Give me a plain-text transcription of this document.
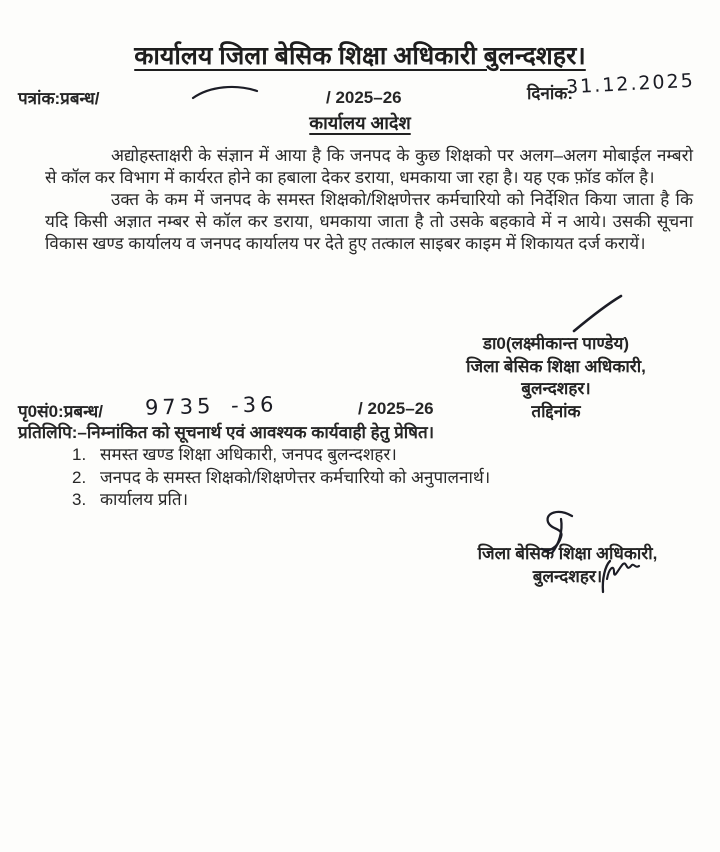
कार्यालय जिला बेसिक शिक्षा अधिकारी बुलन्दशहर।
पत्रांक:प्रबन्ध/	/ 2025–26	दिनांक:
31.12.2025
कार्यालय आदेश

अद्योहस्ताक्षरी के संज्ञान में आया है कि जनपद के कुछ शिक्षको पर अलग–अलग मोबाईल नम्बरो से कॉल कर विभाग में कार्यरत होने का हबाला देकर डराया, धमकाया जा रहा है। यह एक फ़ॉड कॉल है।

उक्त के कम में जनपद के समस्त शिक्षको/शिक्षणेत्तर कर्मचारियो को निर्देशित किया जाता है कि यदि किसी अज्ञात नम्बर से कॉल कर डराया, धमकाया जाता है तो उसके बहकावे में न आये। उसकी सूचना विकास खण्ड कार्यालय व जनपद कार्यालय पर देते हुए तत्काल साइबर काइम में शिकायत दर्ज करायें।

डा0(लक्ष्मीकान्त पाण्डेय)
जिला बेसिक शिक्षा अधिकारी,
बुलन्दशहर।
तद्दिनांक
पृ0सं0:प्रबन्ध/ 9735 -36	/ 2025–26
प्रतिलिपि:–निम्नांकित को सूचनार्थ एवं आवश्यक कार्यवाही हेतु प्रेषित।
1. समस्त खण्ड शिक्षा अधिकारी, जनपद बुलन्दशहर।
2. जनपद के समस्त शिक्षको/शिक्षणेत्तर कर्मचारियो को अनुपालनार्थ।
3. कार्यालय प्रति।
जिला बेसिक शिक्षा अधिकारी,
बुलन्दशहर।
